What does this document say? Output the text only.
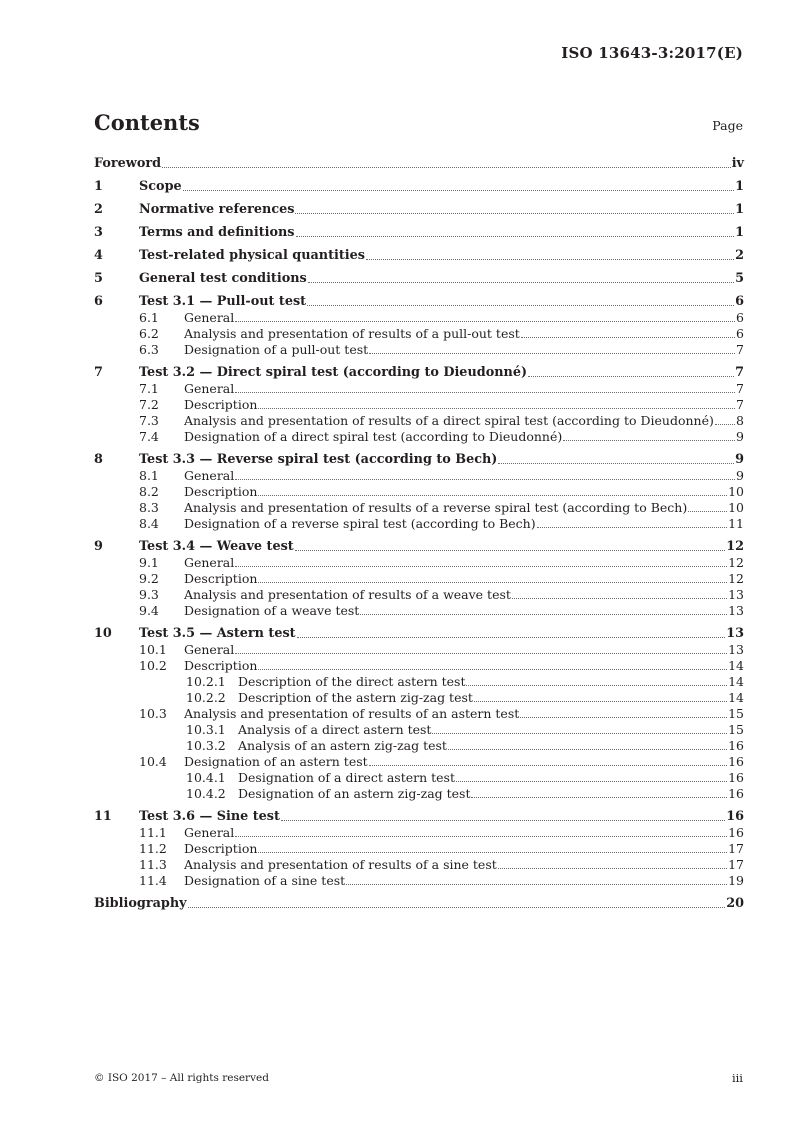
ISO 13643-3:2017(E)
Contents	Page
Foreword	iv
1	Scope	1
2	Normative references	1
3	Terms and definitions	1
4	Test-related physical quantities	2
5	General test conditions	5
6	Test 3.1 — Pull-out test	6
6.1	General	6
6.2	Analysis and presentation of results of a pull-out test	6
6.3	Designation of a pull-out test	7
7	Test 3.2 — Direct spiral test (according to Dieudonné)	7
7.1	General	7
7.2	Description	7
7.3	Analysis and presentation of results of a direct spiral test (according to Dieudonné) 8
7.4	Designation of a direct spiral test (according to Dieudonné)	9
8	Test 3.3 — Reverse spiral test (according to Bech)	9
8.1	General	9
8.2	Description	10
8.3	Analysis and presentation of results of a reverse spiral test (according to Bech)	10
8.4	Designation of a reverse spiral test (according to Bech)	11
9	Test 3.4 — Weave test	12
9.1	General	12
9.2	Description	12
9.3	Analysis and presentation of results of a weave test	13
9.4	Designation of a weave test	13
10	Test 3.5 — Astern test	13
10.1	General	13
10.2	Description	14
10.2.1 Description of the direct astern test	14
10.2.2 Description of the astern zig-zag test	14
10.3	Analysis and presentation of results of an astern test	15
10.3.1 Analysis of a direct astern test	15
10.3.2 Analysis of an astern zig-zag test	16
10.4	Designation of an astern test	16
10.4.1 Designation of a direct astern test	16
10.4.2 Designation of an astern zig-zag test	16
11	Test 3.6 — Sine test	16
11.1	General	16
11.2	Description	17
11.3	Analysis and presentation of results of a sine test	17
11.4	Designation of a sine test	19
Bibliography	20
© ISO 2017 – All rights reserved	iii
